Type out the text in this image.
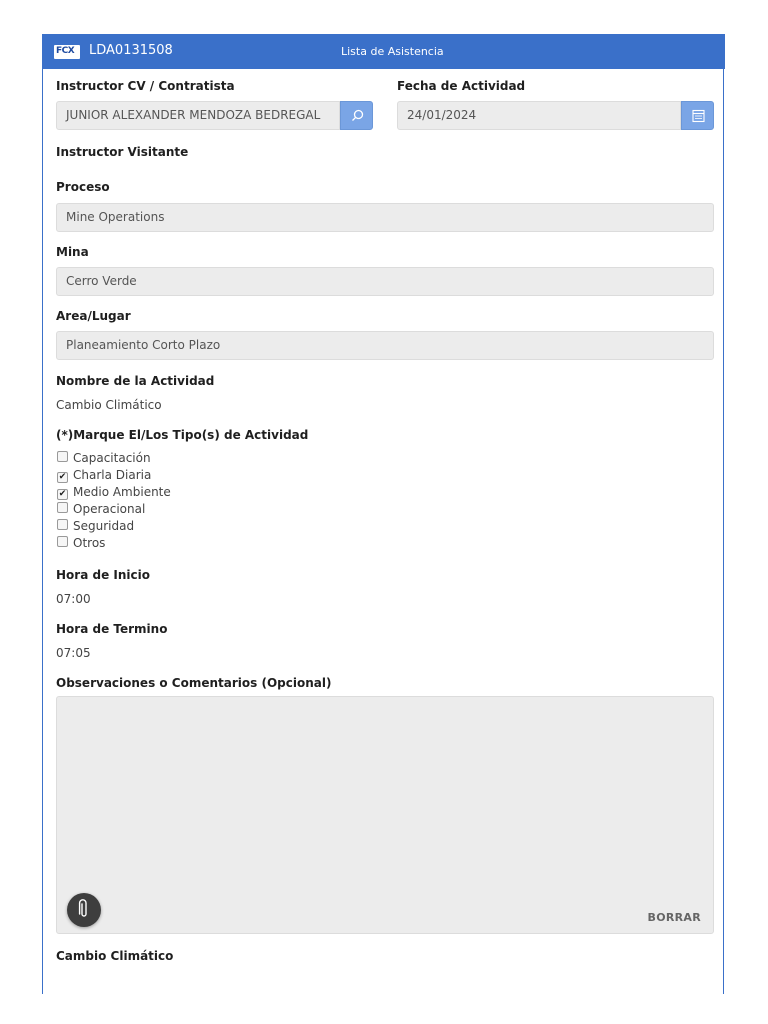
FCX LDA0131508	Lista de Asistencia
Instructor CV / Contratista
JUNIOR ALEXANDER MENDOZA BEDREGAL
Fecha de Actividad
24/01/2024
Instructor Visitante
Proceso
Mine Operations
Mina
Cerro Verde
Area/Lugar
Planeamiento Corto Plazo
Nombre de la Actividad
Cambio Climático
(*)Marque El/Los Tipo(s) de Actividad
Capacitación
✔ Charla Diaria
✔ Medio Ambiente
Operacional
Seguridad
Otros
Hora de Inicio
07:00
Hora de Termino
07:05
Observaciones o Comentarios (Opcional)
BORRAR
Cambio Climático
